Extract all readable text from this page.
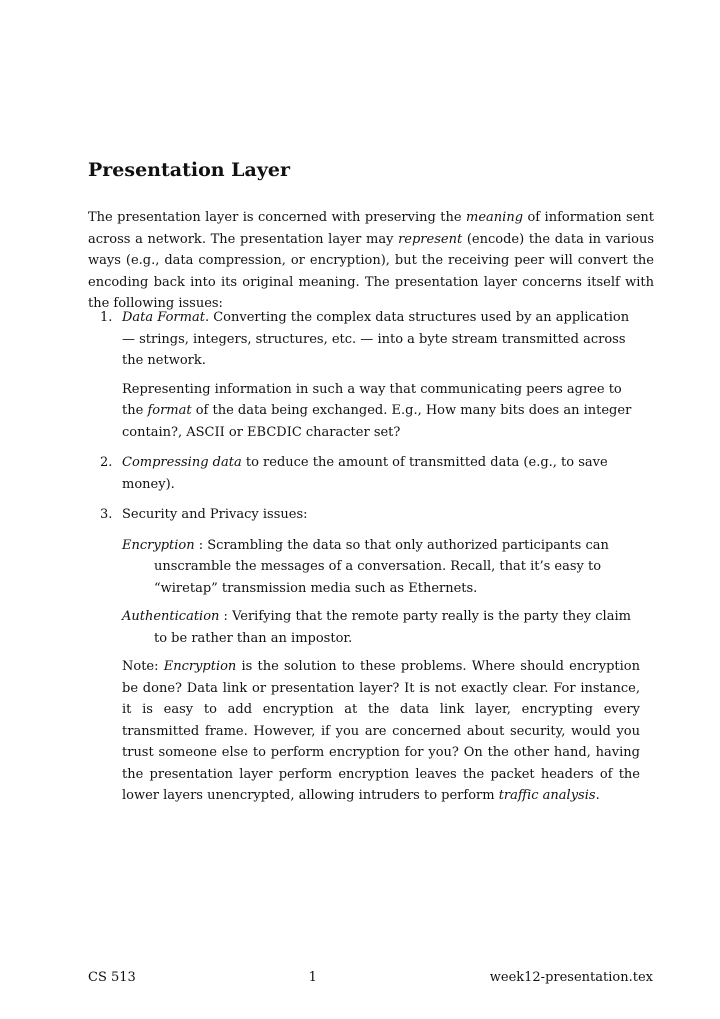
Presentation Layer

The presentation layer is concerned with preserving the meaning of information sent across a network. The presentation layer may represent (encode) the data in various ways (e.g., data compression, or encryption), but the receiving peer will convert the encoding back into its original meaning. The presentation layer concerns itself with the following issues:

1. Data Format. Converting the complex data structures used by an application — strings, integers, structures, etc. — into a byte stream transmitted across the network.

Representing information in such a way that communicating peers agree to the format of the data being exchanged. E.g., How many bits does an integer contain?, ASCII or EBCDIC character set?

2. Compressing data to reduce the amount of transmitted data (e.g., to save money).

3. Security and Privacy issues:

Encryption : Scrambling the data so that only authorized participants can unscramble the messages of a conversation. Recall, that it’s easy to “wiretap” transmission media such as Ethernets.

Authentication : Verifying that the remote party really is the party they claim to be rather than an impostor.

Note: Encryption is the solution to these problems. Where should encryption be done? Data link or presentation layer? It is not exactly clear. For instance, it is easy to add encryption at the data link layer, encrypting every transmitted frame. However, if you are concerned about security, would you trust someone else to perform encryption for you? On the other hand, having the presentation layer perform encryption leaves the packet headers of the lower layers unencrypted, allowing intruders to perform traffic analysis.

CS 513	1	week12-presentation.tex
